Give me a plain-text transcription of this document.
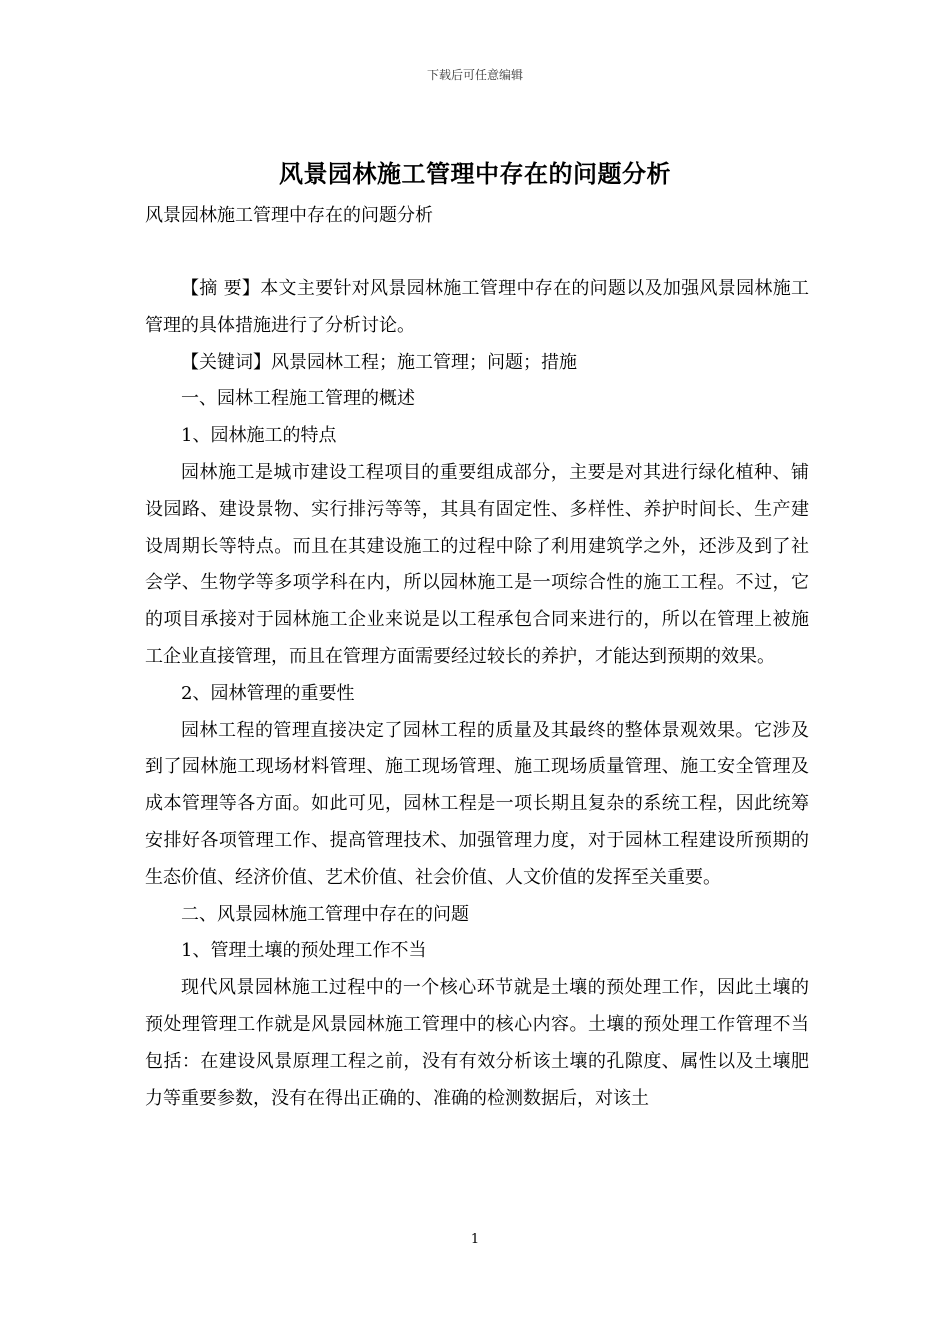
下载后可任意编辑
风景园林施工管理中存在的问题分析
风景园林施工管理中存在的问题分析

【摘 要】本文主要针对风景园林施工管理中存在的问题以及加强风景园林施工管理的具体措施进行了分析讨论。

【关键词】风景园林工程；施工管理；问题；措施

一、园林工程施工管理的概述

1、园林施工的特点

园林施工是城市建设工程项目的重要组成部分，主要是对其进行绿化植种、铺设园路、建设景物、实行排污等等，其具有固定性、多样性、养护时间长、生产建设周期长等特点。而且在其建设施工的过程中除了利用建筑学之外，还涉及到了社会学、生物学等多项学科在内，所以园林施工是一项综合性的施工工程。不过，它的项目承接对于园林施工企业来说是以工程承包合同来进行的，所以在管理上被施工企业直接管理，而且在管理方面需要经过较长的养护，才能达到预期的效果。

2、园林管理的重要性

园林工程的管理直接决定了园林工程的质量及其最终的整体景观效果。它涉及到了园林施工现场材料管理、施工现场管理、施工现场质量管理、施工安全管理及成本管理等各方面。如此可见，园林工程是一项长期且复杂的系统工程，因此统筹安排好各项管理工作、提高管理技术、加强管理力度，对于园林工程建设所预期的生态价值、经济价值、艺术价值、社会价值、人文价值的发挥至关重要。

二、风景园林施工管理中存在的问题

1、管理土壤的预处理工作不当

现代风景园林施工过程中的一个核心环节就是土壤的预处理工作，因此土壤的预处理管理工作就是风景园林施工管理中的核心内容。土壤的预处理工作管理不当包括：在建设风景原理工程之前，没有有效分析该土壤的孔隙度、属性以及土壤肥力等重要参数，没有在得出正确的、准确的检测数据后，对该土

1
